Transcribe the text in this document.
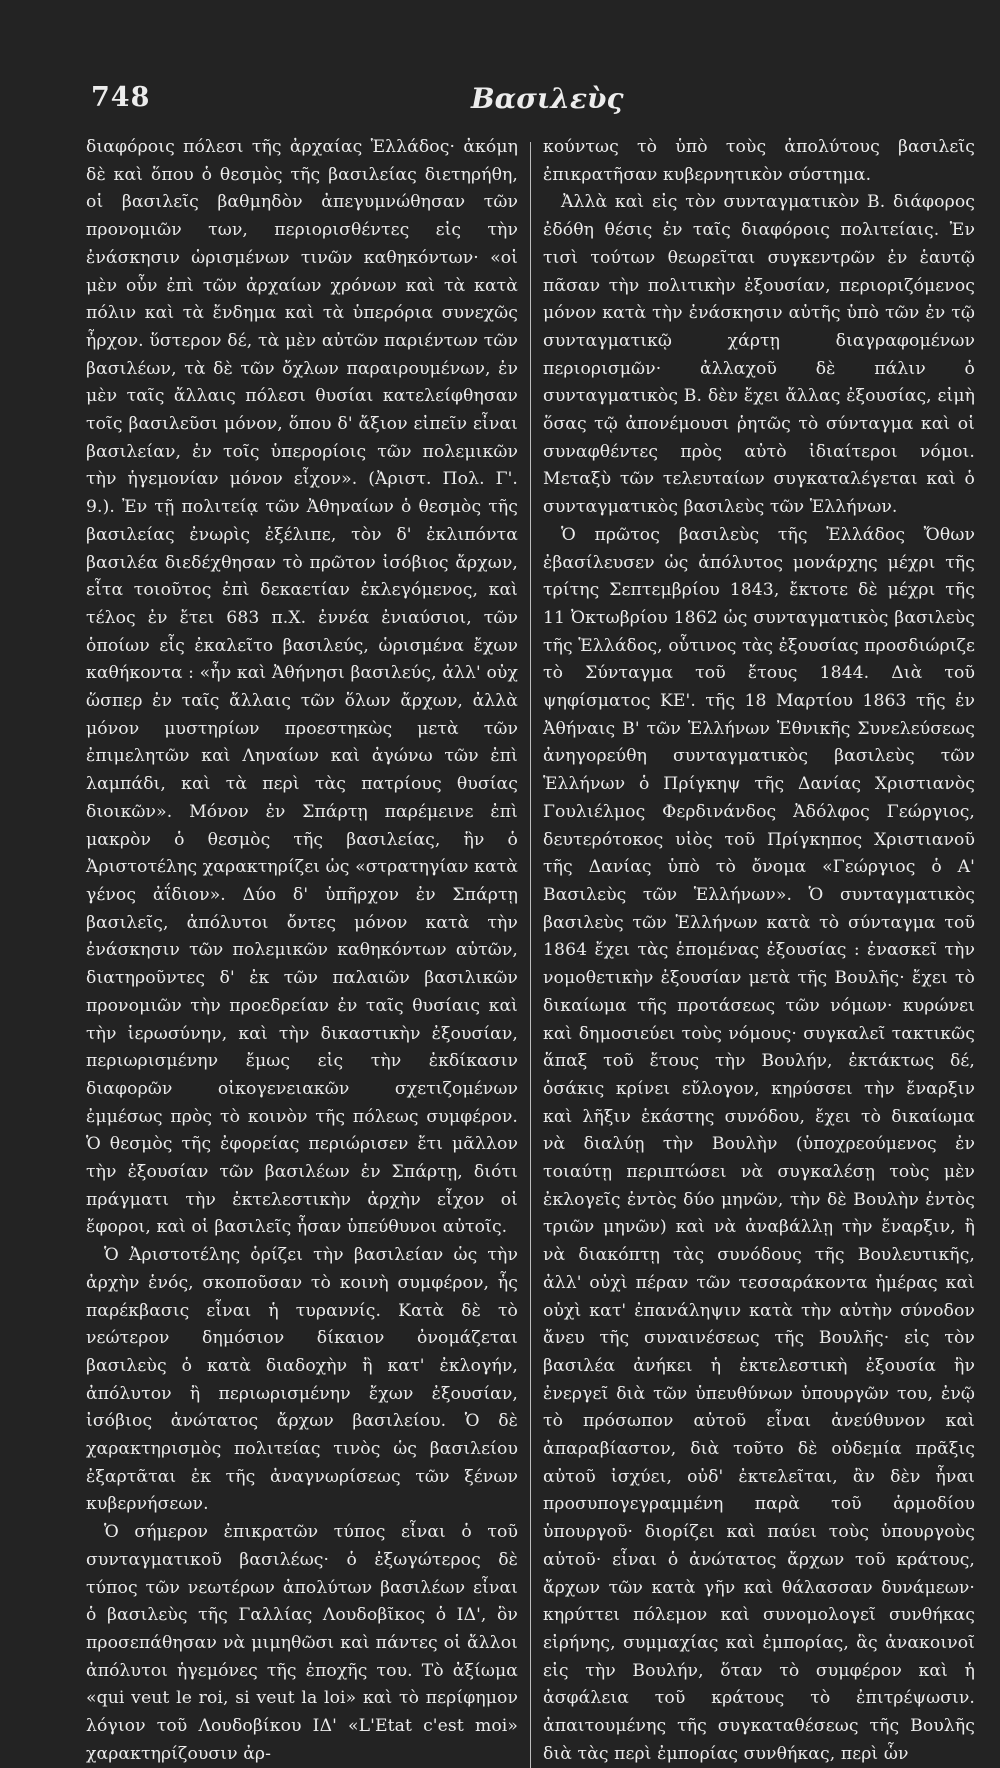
748	Βασιλεὺς

διαφόροις πόλεσι τῆς ἀρχαίας Ἑλλάδος· ἀκόμη δὲ καὶ ὅπου ὁ θεσμὸς τῆς βασιλείας διετηρήθη, οἱ βασιλεῖς βαθμηδὸν ἀπεγυμνώθησαν τῶν προνομιῶν των, περιορισθέντες εἰς τὴν ἐνάσκησιν ὡρισμένων τινῶν καθηκόντων· «οἱ μὲν οὖν ἐπὶ τῶν ἀρχαίων χρόνων καὶ τὰ κατὰ πόλιν καὶ τὰ ἔνδημα καὶ τὰ ὑπερόρια συνεχῶς ἦρχον. ὕστερον δέ, τὰ μὲν αὐτῶν παριέντων τῶν βασιλέων, τὰ δὲ τῶν ὄχλων παραιρουμένων, ἐν μὲν ταῖς ἄλλαις πόλεσι θυσίαι κατελείφθησαν τοῖς βασιλεῦσι μόνον, ὅπου δ' ἄξιον εἰπεῖν εἶναι βασιλείαν, ἐν τοῖς ὑπερορίοις τῶν πολεμικῶν τὴν ἡγεμονίαν μόνον εἶχον». (Ἀριστ. Πολ. Γ'. 9.). Ἐν τῇ πολιτείᾳ τῶν Ἀθηναίων ὁ θεσμὸς τῆς βασιλείας ἐνωρὶς ἐξέλιπε, τὸν δ' ἐκλιπόντα βασιλέα διεδέχθησαν τὸ πρῶτον ἰσόβιος ἄρχων, εἶτα τοιοῦτος ἐπὶ δεκαετίαν ἐκλεγόμενος, καὶ τέλος ἐν ἔτει 683 π.Χ. ἐννέα ἐνιαύσιοι, τῶν ὁποίων εἷς ἐκαλεῖτο βασιλεύς, ὡρισμένα ἔχων καθήκοντα : «ἦν καὶ Ἀθήνησι βασιλεύς, ἀλλ' οὐχ ὥσπερ ἐν ταῖς ἄλλαις τῶν ὅλων ἄρχων, ἀλλὰ μόνον μυστηρίων προεστηκὼς μετὰ τῶν ἐπιμελητῶν καὶ Ληναίων καὶ ἀγώνω τῶν ἐπὶ λαμπάδι, καὶ τὰ περὶ τὰς πατρίους θυσίας διοικῶν». Μόνον ἐν Σπάρτῃ παρέμεινε ἐπὶ μακρὸν ὁ θεσμὸς τῆς βασιλείας, ἣν ὁ Ἀριστοτέλης χαρακτηρίζει ὡς «στρατηγίαν κατὰ γένος ἀΐδιον». Δύο δ' ὑπῆρχον ἐν Σπάρτῃ βασιλεῖς, ἀπόλυτοι ὄντες μόνον κατὰ τὴν ἐνάσκησιν τῶν πολεμικῶν καθηκόντων αὐτῶν, διατηροῦντες δ' ἐκ τῶν παλαιῶν βασιλικῶν προνομιῶν τὴν προεδρείαν ἐν ταῖς θυσίαις καὶ τὴν ἱερωσύνην, καὶ τὴν δικαστικὴν ἐξουσίαν, περιωρισμένην ἔμως εἰς τὴν ἐκδίκασιν διαφορῶν οἰκογενειακῶν σχετιζομένων ἐμμέσως πρὸς τὸ κοινὸν τῆς πόλεως συμφέρον. Ὁ θεσμὸς τῆς ἐφορείας περιώρισεν ἔτι μᾶλλον τὴν ἐξουσίαν τῶν βασιλέων ἐν Σπάρτῃ, διότι πράγματι τὴν ἐκτελεστικὴν ἀρχὴν εἶχον οἱ ἔφοροι, καὶ οἱ βασιλεῖς ἦσαν ὑπεύθυνοι αὐτοῖς.

Ὁ Ἀριστοτέλης ὁρίζει τὴν βασιλείαν ὡς τὴν ἀρχὴν ἑνός, σκοποῦσαν τὸ κοινὴ συμφέρον, ἧς παρέκβασις εἶναι ἡ τυραννίς. Κατὰ δὲ τὸ νεώτερον δημόσιον δίκαιον ὀνομάζεται βασιλεὺς ὁ κατὰ διαδοχὴν ἢ κατ' ἐκλογήν, ἀπόλυτον ἢ περιωρισμένην ἔχων ἐξουσίαν, ἰσόβιος ἀνώτατος ἄρχων βασιλείου. Ὁ δὲ χαρακτηρισμὸς πολιτείας τινὸς ὡς βασιλείου ἐξαρτᾶται ἐκ τῆς ἀναγνωρίσεως τῶν ξένων κυβερνήσεων.

Ὁ σήμερον ἐπικρατῶν τύπος εἶναι ὁ τοῦ συνταγματικοῦ βασιλέως· ὁ ἐξωγώτερος δὲ τύπος τῶν νεωτέρων ἀπολύτων βασιλέων εἶναι ὁ βασιλεὺς τῆς Γαλλίας Λουδοβῖκος ὁ ΙΔ', ὃν προσεπάθησαν νὰ μιμηθῶσι καὶ πάντες οἱ ἄλλοι ἀπόλυτοι ἡγεμόνες τῆς ἐποχῆς του. Τὸ ἀξίωμα «qui veut le roi, si veut la loi» καὶ τὸ περίφημον λόγιον τοῦ Λουδοβίκου ΙΔ' «L'Etat c'est moi» χαρακτηρίζουσιν ἀρ-

κούντως τὸ ὑπὸ τοὺς ἀπολύτους βασιλεῖς ἐπικρατῆσαν κυβερνητικὸν σύστημα.

Ἀλλὰ καὶ εἰς τὸν συνταγματικὸν Β. διάφορος ἐδόθη θέσις ἐν ταῖς διαφόροις πολιτείαις. Ἐν τισὶ τούτων θεωρεῖται συγκεντρῶν ἐν ἑαυτῷ πᾶσαν τὴν πολιτικὴν ἐξουσίαν, περιοριζόμενος μόνον κατὰ τὴν ἐνάσκησιν αὐτῆς ὑπὸ τῶν ἐν τῷ συνταγματικῷ χάρτῃ διαγραφομένων περιορισμῶν· ἀλλαχοῦ δὲ πάλιν ὁ συνταγματικὸς Β. δὲν ἔχει ἄλλας ἐξουσίας, εἰμὴ ὅσας τῷ ἀπονέμουσι ῥητῶς τὸ σύνταγμα καὶ οἱ συναφθέντες πρὸς αὐτὸ ἰδιαίτεροι νόμοι. Μεταξὺ τῶν τελευταίων συγκαταλέγεται καὶ ὁ συνταγματικὸς βασιλεὺς τῶν Ἑλλήνων.

Ὁ πρῶτος βασιλεὺς τῆς Ἑλλάδος Ὄθων ἐβασίλευσεν ὡς ἀπόλυτος μονάρχης μέχρι τῆς τρίτης Σεπτεμβρίου 1843, ἔκτοτε δὲ μέχρι τῆς 11 Ὀκτωβρίου 1862 ὡς συνταγματικὸς βασιλεὺς τῆς Ἑλλάδος, οὗτινος τὰς ἐξουσίας προσδιώριζε τὸ Σύνταγμα τοῦ ἔτους 1844. Διὰ τοῦ ψηφίσματος ΚΕ'. τῆς 18 Μαρτίου 1863 τῆς ἐν Ἀθήναις Β' τῶν Ἑλλήνων Ἐθνικῆς Συνελεύσεως ἀνηγορεύθη συνταγματικὸς βασιλεὺς τῶν Ἑλλήνων ὁ Πρίγκηψ τῆς Δανίας Χριστιανὸς Γουλιέλμος Φερδινάνδος Ἀδόλφος Γεώργιος, δευτερότοκος υἱὸς τοῦ Πρίγκηπος Χριστιανοῦ τῆς Δανίας ὑπὸ τὸ ὄνομα «Γεώργιος ὁ Α' Βασιλεὺς τῶν Ἑλλήνων». Ὁ συνταγματικὸς βασιλεὺς τῶν Ἑλλήνων κατὰ τὸ σύνταγμα τοῦ 1864 ἔχει τὰς ἑπομένας ἐξουσίας : ἐνασκεῖ τὴν νομοθετικὴν ἐξουσίαν μετὰ τῆς Βουλῆς· ἔχει τὸ δικαίωμα τῆς προτάσεως τῶν νόμων· κυρώνει καὶ δημοσιεύει τοὺς νόμους· συγκαλεῖ τακτικῶς ἅπαξ τοῦ ἔτους τὴν Βουλήν, ἐκτάκτως δέ, ὁσάκις κρίνει εὔλογον, κηρύσσει τὴν ἔναρξιν καὶ λῆξιν ἑκάστης συνόδου, ἔχει τὸ δικαίωμα νὰ διαλύῃ τὴν Βουλὴν (ὑποχρεούμενος ἐν τοιαύτῃ περιπτώσει νὰ συγκαλέσῃ τοὺς μὲν ἐκλογεῖς ἐντὸς δύο μηνῶν, τὴν δὲ Βουλὴν ἐντὸς τριῶν μηνῶν) καὶ νὰ ἀναβάλλῃ τὴν ἔναρξιν, ἢ νὰ διακόπτῃ τὰς συνόδους τῆς Βουλευτικῆς, ἀλλ' οὐχὶ πέραν τῶν τεσσαράκοντα ἡμέρας καὶ οὐχὶ κατ' ἐπανάληψιν κατὰ τὴν αὐτὴν σύνοδον ἄνευ τῆς συναινέσεως τῆς Βουλῆς· εἰς τὸν βασιλέα ἀνήκει ἡ ἐκτελεστικὴ ἐξουσία ἣν ἐνεργεῖ διὰ τῶν ὑπευθύνων ὑπουργῶν του, ἐνῷ τὸ πρόσωπον αὐτοῦ εἶναι ἀνεύθυνον καὶ ἀπαραβίαστον, διὰ τοῦτο δὲ οὐδεμία πρᾶξις αὐτοῦ ἰσχύει, οὐδ' ἐκτελεῖται, ἂν δὲν ἦναι προσυπογεγραμμένη παρὰ τοῦ ἁρμοδίου ὑπουργοῦ· διορίζει καὶ παύει τοὺς ὑπουργοὺς αὐτοῦ· εἶναι ὁ ἀνώτατος ἄρχων τοῦ κράτους, ἄρχων τῶν κατὰ γῆν καὶ θάλασσαν δυνάμεων· κηρύττει πόλεμον καὶ συνομολογεῖ συνθήκας εἰρήνης, συμμαχίας καὶ ἐμπορίας, ἃς ἀνακοινοῖ εἰς τὴν Βουλήν, ὅταν τὸ συμφέρον καὶ ἡ ἀσφάλεια τοῦ κράτους τὸ ἐπιτρέψωσιν. ἀπαιτουμένης τῆς συγκαταθέσεως τῆς Βουλῆς διὰ τὰς περὶ ἐμπορίας συνθήκας, περὶ ὧν
